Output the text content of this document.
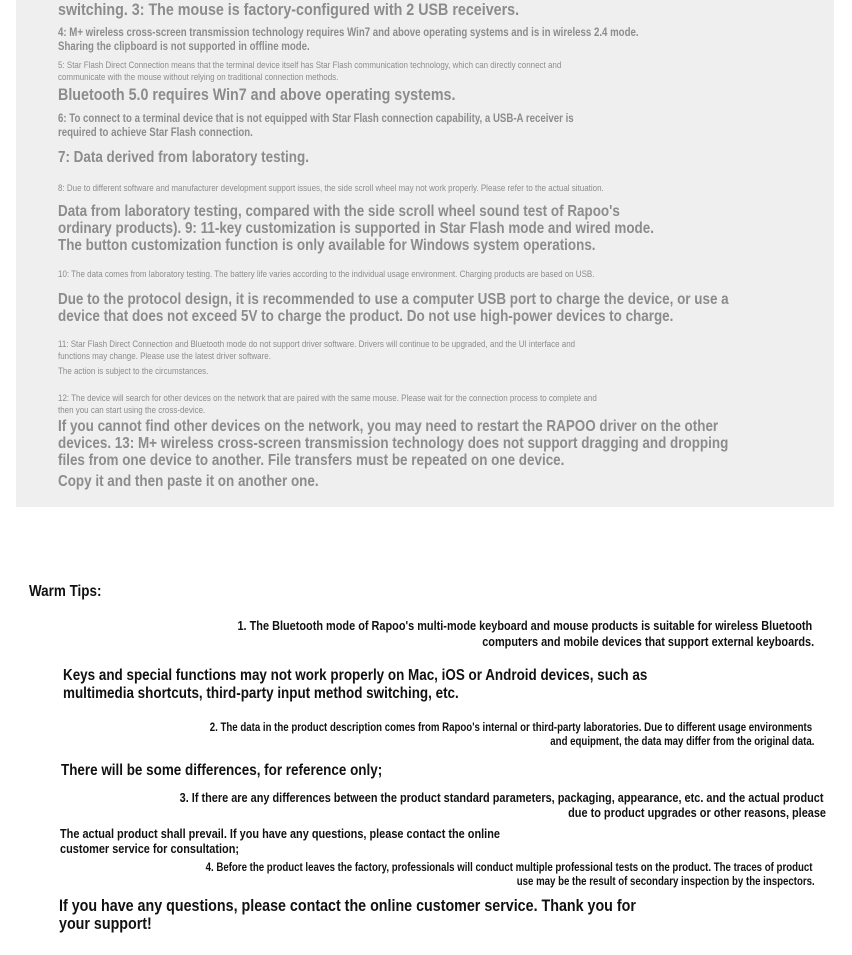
switching. 3: The mouse is factory-configured with 2 USB receivers.
4: M+ wireless cross-screen transmission technology requires Win7 and above operating systems and is in wireless 2.4 mode.
Sharing the clipboard is not supported in offline mode.
5: Star Flash Direct Connection means that the terminal device itself has Star Flash communication technology, which can directly connect and
communicate with the mouse without relying on traditional connection methods.
Bluetooth 5.0 requires Win7 and above operating systems.
6: To connect to a terminal device that is not equipped with Star Flash connection capability, a USB-A receiver is
required to achieve Star Flash connection.
7: Data derived from laboratory testing.
8: Due to different software and manufacturer development support issues, the side scroll wheel may not work properly. Please refer to the actual situation.
Data from laboratory testing, compared with the side scroll wheel sound test of Rapoo's
ordinary products). 9: 11-key customization is supported in Star Flash mode and wired mode.
The button customization function is only available for Windows system operations.
10: The data comes from laboratory testing. The battery life varies according to the individual usage environment. Charging products are based on USB.
Due to the protocol design, it is recommended to use a computer USB port to charge the device, or use a
device that does not exceed 5V to charge the product. Do not use high-power devices to charge.
11: Star Flash Direct Connection and Bluetooth mode do not support driver software. Drivers will continue to be upgraded, and the UI interface and
functions may change. Please use the latest driver software.
The action is subject to the circumstances.
12: The device will search for other devices on the network that are paired with the same mouse. Please wait for the connection process to complete and
then you can start using the cross-device.
If you cannot find other devices on the network, you may need to restart the RAPOO driver on the other
devices. 13: M+ wireless cross-screen transmission technology does not support dragging and dropping
files from one device to another. File transfers must be repeated on one device.
Copy it and then paste it on another one.
Warm Tips:
1. The Bluetooth mode of Rapoo's multi-mode keyboard and mouse products is suitable for wireless Bluetooth
computers and mobile devices that support external keyboards.
Keys and special functions may not work properly on Mac, iOS or Android devices, such as
multimedia shortcuts, third-party input method switching, etc.
2. The data in the product description comes from Rapoo's internal or third-party laboratories. Due to different usage environments
and equipment, the data may differ from the original data.
There will be some differences, for reference only;
3. If there are any differences between the product standard parameters, packaging, appearance, etc. and the actual product
due to product upgrades or other reasons, please
The actual product shall prevail. If you have any questions, please contact the online
customer service for consultation;
4. Before the product leaves the factory, professionals will conduct multiple professional tests on the product. The traces of product
use may be the result of secondary inspection by the inspectors.
If you have any questions, please contact the online customer service. Thank you for
your support!
